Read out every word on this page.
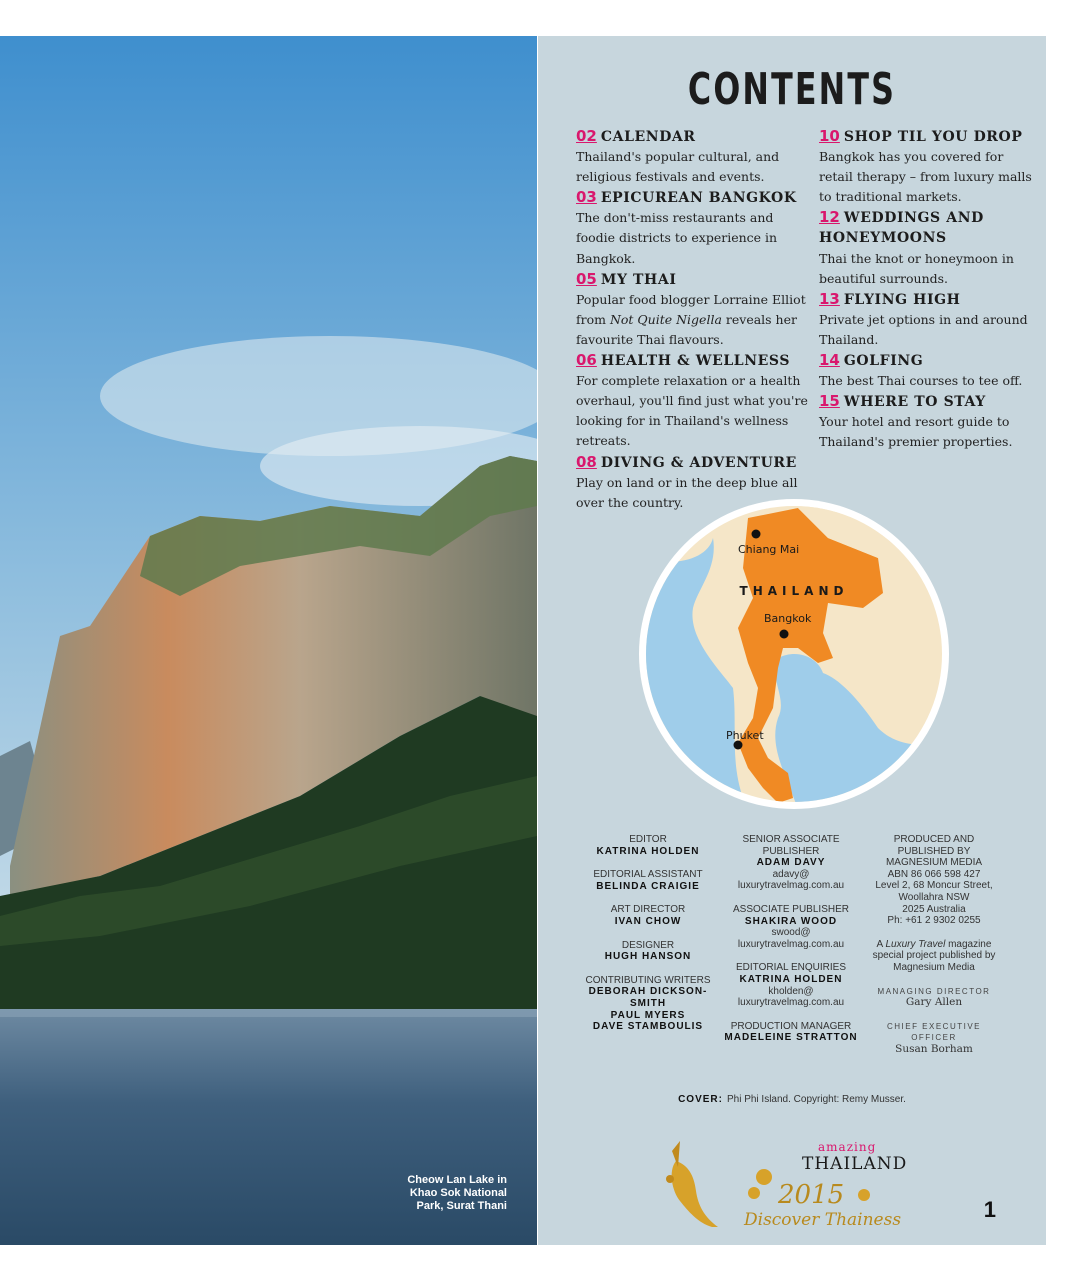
Cheow Lan Lake in Khao Sok National Park, Surat Thani
CONTENTS
02 CALENDAR
Thailand's popular cultural, and religious festivals and events.
03 EPICUREAN BANGKOK
The don't-miss restaurants and foodie districts to experience in Bangkok.
05 MY THAI
Popular food blogger Lorraine Elliot from Not Quite Nigella reveals her favourite Thai flavours.
06 HEALTH & WELLNESS
For complete relaxation or a health overhaul, you'll find just what you're looking for in Thailand's wellness retreats.
08 DIVING & ADVENTURE
Play on land or in the deep blue all over the country.
10 SHOP TIL YOU DROP
Bangkok has you covered for retail therapy – from luxury malls to traditional markets.
12 WEDDINGS AND HONEYMOONS
Thai the knot or honeymoon in beautiful surrounds.
13 FLYING HIGH
Private jet options in and around Thailand.
14 GOLFING
The best Thai courses to tee off.
15 WHERE TO STAY
Your hotel and resort guide to Thailand's premier properties.
THAILAND
Chiang Mai
Bangkok
Phuket
EDITOR
KATRINA HOLDEN
EDITORIAL ASSISTANT
BELINDA CRAIGIE
ART DIRECTOR
IVAN CHOW
DESIGNER
HUGH HANSON
CONTRIBUTING WRITERS
DEBORAH DICKSON-SMITH
PAUL MYERS
DAVE STAMBOULIS
SENIOR ASSOCIATE PUBLISHER
ADAM DAVY
adavy@
luxurytravelmag.com.au
ASSOCIATE PUBLISHER
SHAKIRA WOOD
swood@
luxurytravelmag.com.au
EDITORIAL ENQUIRIES
KATRINA HOLDEN
kholden@
luxurytravelmag.com.au
PRODUCTION MANAGER
MADELEINE STRATTON
PRODUCED AND PUBLISHED BY
MAGNESIUM MEDIA
ABN 86 066 598 427
Level 2, 68 Moncur Street, Woollahra NSW
2025 Australia
Ph: +61 2 9302 0255
A Luxury Travel magazine special project published by Magnesium Media
MANAGING DIRECTOR
Gary Allen
CHIEF EXECUTIVE OFFICER
Susan Borham
COVER: Phi Phi Island. Copyright: Remy Musser.
amazing
THAILAND
2015
Discover Thainess	1
